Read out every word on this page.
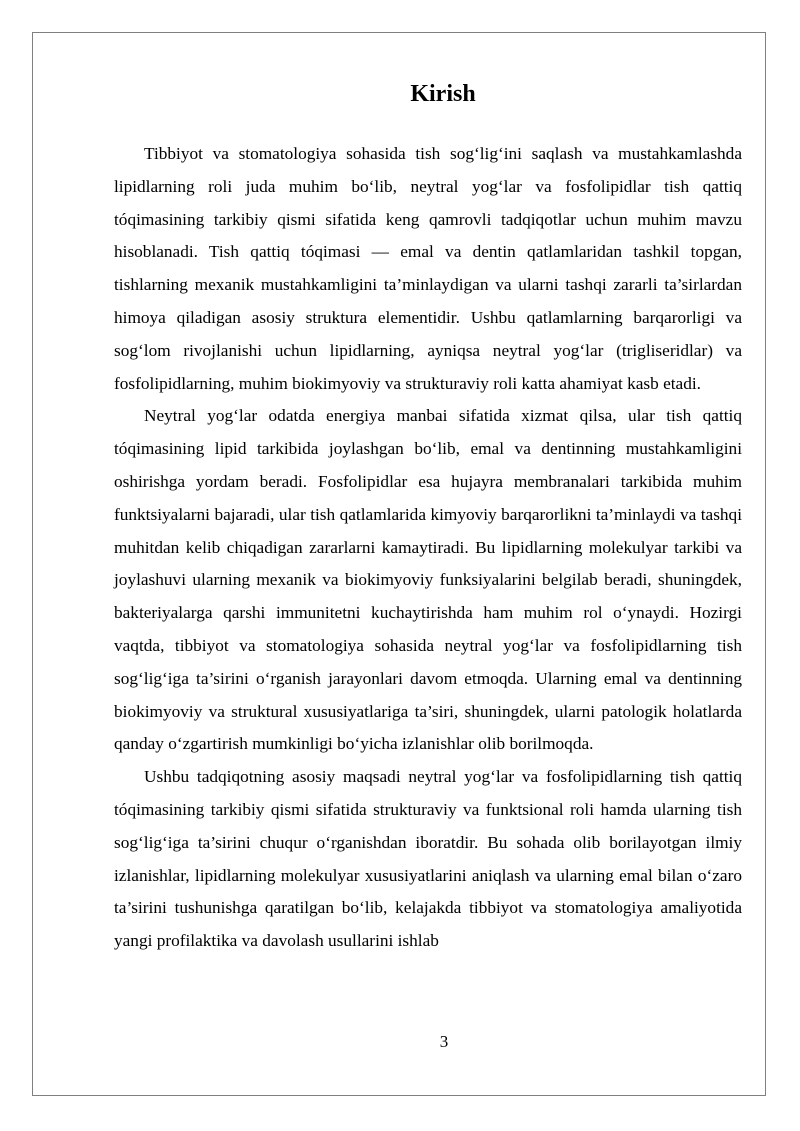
Kirish

Tibbiyot va stomatologiya sohasida tish sog‘lig‘ini saqlash va mustahkamlashda lipidlarning roli juda muhim bo‘lib, neytral yog‘lar va fosfolipidlar tish qattiq tóqimasining tarkibiy qismi sifatida keng qamrovli tadqiqotlar uchun muhim mavzu hisoblanadi. Tish qattiq tóqimasi — emal va dentin qatlamlaridan tashkil topgan, tishlarning mexanik mustahkamligini ta’minlaydigan va ularni tashqi zararli ta’sirlardan himoya qiladigan asosiy struktura elementidir. Ushbu qatlamlarning barqarorligi va sog‘lom rivojlanishi uchun lipidlarning, ayniqsa neytral yog‘lar (trigliseridlar) va fosfolipidlarning, muhim biokimyoviy va strukturaviy roli katta ahamiyat kasb etadi.

Neytral yog‘lar odatda energiya manbai sifatida xizmat qilsa, ular tish qattiq tóqimasining lipid tarkibida joylashgan bo‘lib, emal va dentinning mustahkamligini oshirishga yordam beradi. Fosfolipidlar esa hujayra membranalari tarkibida muhim funktsiyalarni bajaradi, ular tish qatlamlarida kimyoviy barqarorlikni ta’minlaydi va tashqi muhitdan kelib chiqadigan zararlarni kamaytiradi. Bu lipidlarning molekulyar tarkibi va joylashuvi ularning mexanik va biokimyoviy funksiyalarini belgilab beradi, shuningdek, bakteriyalarga qarshi immunitetni kuchaytirishda ham muhim rol o‘ynaydi. Hozirgi vaqtda, tibbiyot va stomatologiya sohasida neytral yog‘lar va fosfolipidlarning tish sog‘lig‘iga ta’sirini o‘rganish jarayonlari davom etmoqda. Ularning emal va dentinning biokimyoviy va struktural xususiyatlariga ta’siri, shuningdek, ularni patologik holatlarda qanday o‘zgartirish mumkinligi bo‘yicha izlanishlar olib borilmoqda.

Ushbu tadqiqotning asosiy maqsadi neytral yog‘lar va fosfolipidlarning tish qattiq tóqimasining tarkibiy qismi sifatida strukturaviy va funktsional roli hamda ularning tish sog‘lig‘iga ta’sirini chuqur o‘rganishdan iboratdir. Bu sohada olib borilayotgan ilmiy izlanishlar, lipidlarning molekulyar xususiyatlarini aniqlash va ularning emal bilan o‘zaro ta’sirini tushunishga qaratilgan bo‘lib, kelajakda tibbiyot va stomatologiya amaliyotida yangi profilaktika va davolash usullarini ishlab

3
